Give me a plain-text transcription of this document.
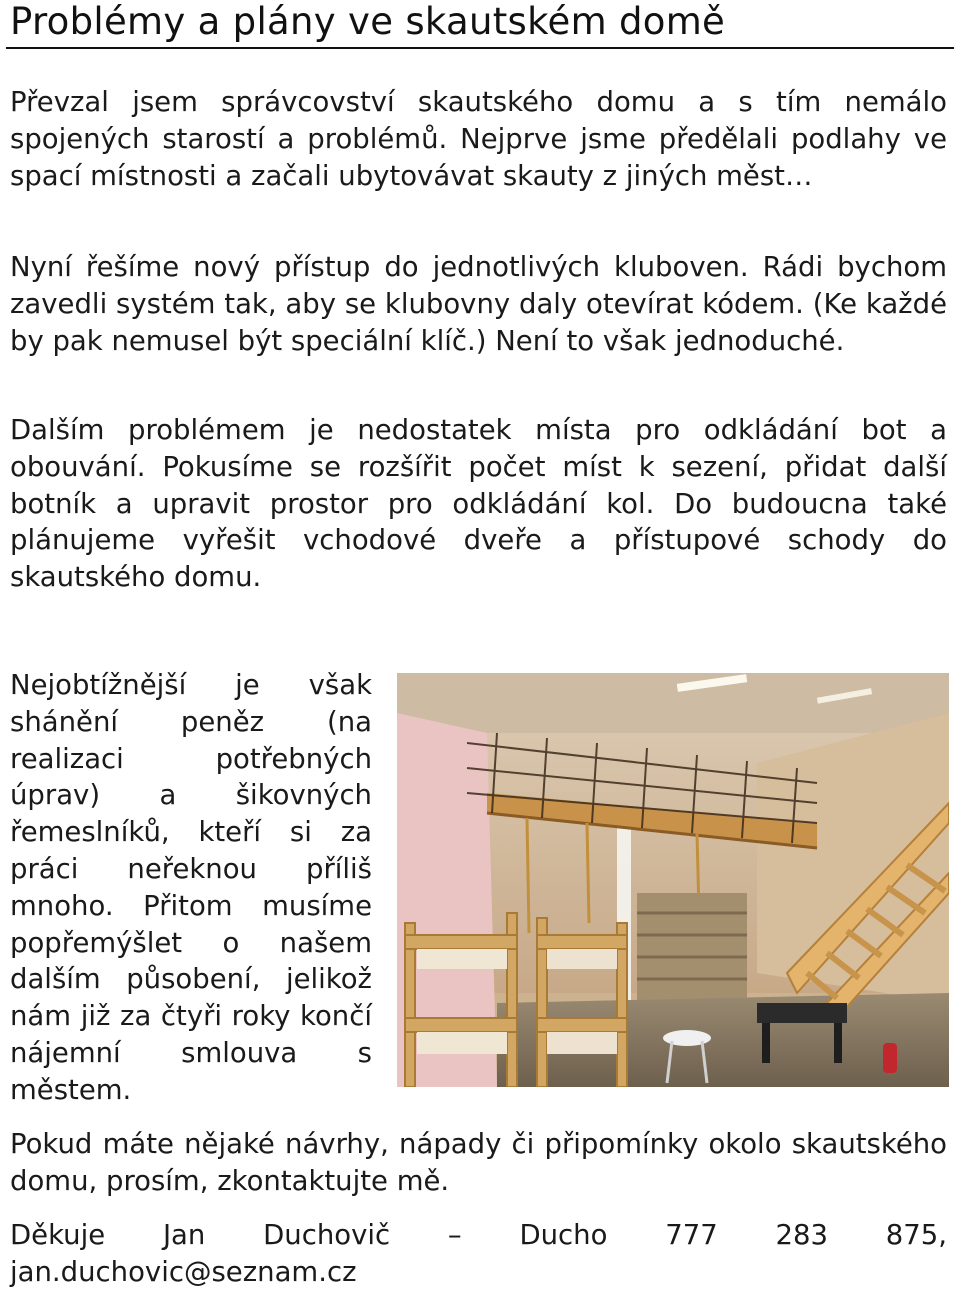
Problémy a plány ve skautském domě

Převzal jsem správcovství skautského domu a s tím nemálo spojených starostí a problémů. Nejprve jsme předělali podlahy ve spací místnosti a začali ubytovávat skauty z jiných měst…

Nyní řešíme nový přístup do jednotlivých kluboven. Rádi bychom zavedli systém tak, aby se klubovny daly otevírat kódem. (Ke každé by pak nemusel být speciální klíč.) Není to však jednoduché.

Dalším problémem je nedostatek místa pro odkládání bot a obouvání. Pokusíme se rozšířit počet míst k sezení, přidat další botník a upravit prostor pro odkládání kol. Do budoucna také plánujeme vyřešit vchodové dveře a přístupové schody do skautského domu.

Nejobtížnější je však shánění peněz (na realizaci potřebných úprav) a šikovných řemeslníků, kteří si za práci neřeknou příliš mnoho. Přitom musíme popřemýšlet o našem dalším působení, jelikož nám již za čtyři roky končí nájemní smlouva s městem.

Pokud máte nějaké návrhy, nápady či připomínky okolo skautského domu, prosím, zkontaktujte mě.

Děkuje Jan Duchovič – Ducho 777 283 875,

jan.duchovic@seznam.cz
